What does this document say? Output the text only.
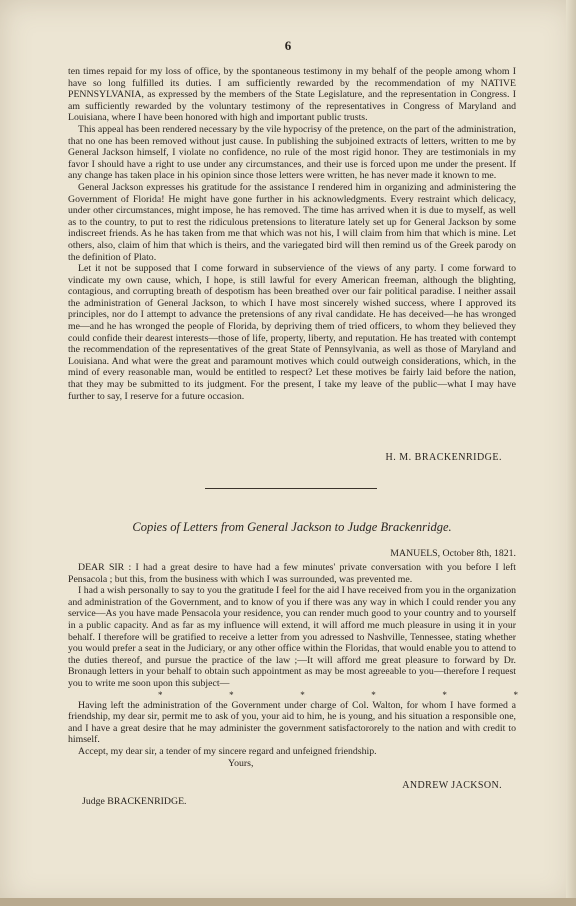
6

ten times repaid for my loss of office, by the spontaneous testimony in my behalf of the people among whom I have so long fulfilled its duties. I am sufficiently rewarded by the recommendation of my NATIVE PENNSYLVANIA, as expressed by the members of the State Legislature, and the representation in Congress. I am sufficiently rewarded by the voluntary testimony of the representatives in Congress of Maryland and Louisiana, where I have been honored with high and important public trusts.

This appeal has been rendered necessary by the vile hypocrisy of the pretence, on the part of the administration, that no one has been removed without just cause. In publishing the subjoined extracts of letters, written to me by General Jackson himself, I violate no confidence, no rule of the most rigid honor. They are testimonials in my favor I should have a right to use under any circumstances, and their use is forced upon me under the present. If any change has taken place in his opinion since those letters were written, he has never made it known to me.

General Jackson expresses his gratitude for the assistance I rendered him in organizing and administering the Government of Florida! He might have gone further in his acknowledgments. Every restraint which delicacy, under other circumstances, might impose, he has removed. The time has arrived when it is due to myself, as well as to the country, to put to rest the ridiculous pretensions to literature lately set up for General Jackson by some indiscreet friends. As he has taken from me that which was not his, I will claim from him that which is mine. Let others, also, claim of him that which is theirs, and the variegated bird will then remind us of the Greek parody on the definition of Plato.

Let it not be supposed that I come forward in subservience of the views of any party. I come forward to vindicate my own cause, which, I hope, is still lawful for every American freeman, although the blighting, contagious, and corrupting breath of despotism has been breathed over our fair political paradise. I neither assail the administration of General Jackson, to which I have most sincerely wished success, where I approved its principles, nor do I attempt to advance the pretensions of any rival candidate. He has deceived—he has wronged me—and he has wronged the people of Florida, by depriving them of tried officers, to whom they believed they could confide their dearest interests—those of life, property, liberty, and reputation. He has treated with contempt the recommendation of the representatives of the great State of Pennsylvania, as well as those of Maryland and Louisiana. And what were the great and paramount motives which could outweigh considerations, which, in the mind of every reasonable man, would be entitled to respect? Let these motives be fairly laid before the nation, that they may be submitted to its judgment. For the present, I take my leave of the public—what I may have further to say, I reserve for a future occasion.

H. M. BRACKENRIDGE.
Copies of Letters from General Jackson to Judge Brackenridge.
MANUELS, October 8th, 1821.

DEAR SIR : I had a great desire to have had a few minutes' private conversation with you before I left Pensacola ; but this, from the business with which I was surrounded, was prevented me.

I had a wish personally to say to you the gratitude I feel for the aid I have received from you in the organization and administration of the Government, and to know of you if there was any way in which I could render you any service—As you have made Pensacola your residence, you can render much good to your country and to yourself in a public capacity. And as far as my influence will extend, it will afford me much pleasure in using it in your behalf. I therefore will be gratified to receive a letter from you adressed to Nashville, Tennessee, stating whether you would prefer a seat in the Judiciary, or any other office within the Floridas, that would enable you to attend to the duties thereof, and pursue the practice of the law ;—It will afford me great pleasure to forward by Dr. Bronaugh letters in your behalf to obtain such appointment as may be most agreeable to you—therefore I request you to write me soon upon this subject—

*	*	*	*	*	*

Having left the administration of the Government under charge of Col. Walton, for whom I have formed a friendship, my dear sir, permit me to ask of you, your aid to him, he is young, and his situation a responsible one, and I have a great desire that he may administer the government satisfactororely to the nation and with credit to himself.

Accept, my dear sir, a tender of my sincere regard and unfeigned friendship.

Yours,

ANDREW JACKSON.
Judge BRACKENRIDGE.
